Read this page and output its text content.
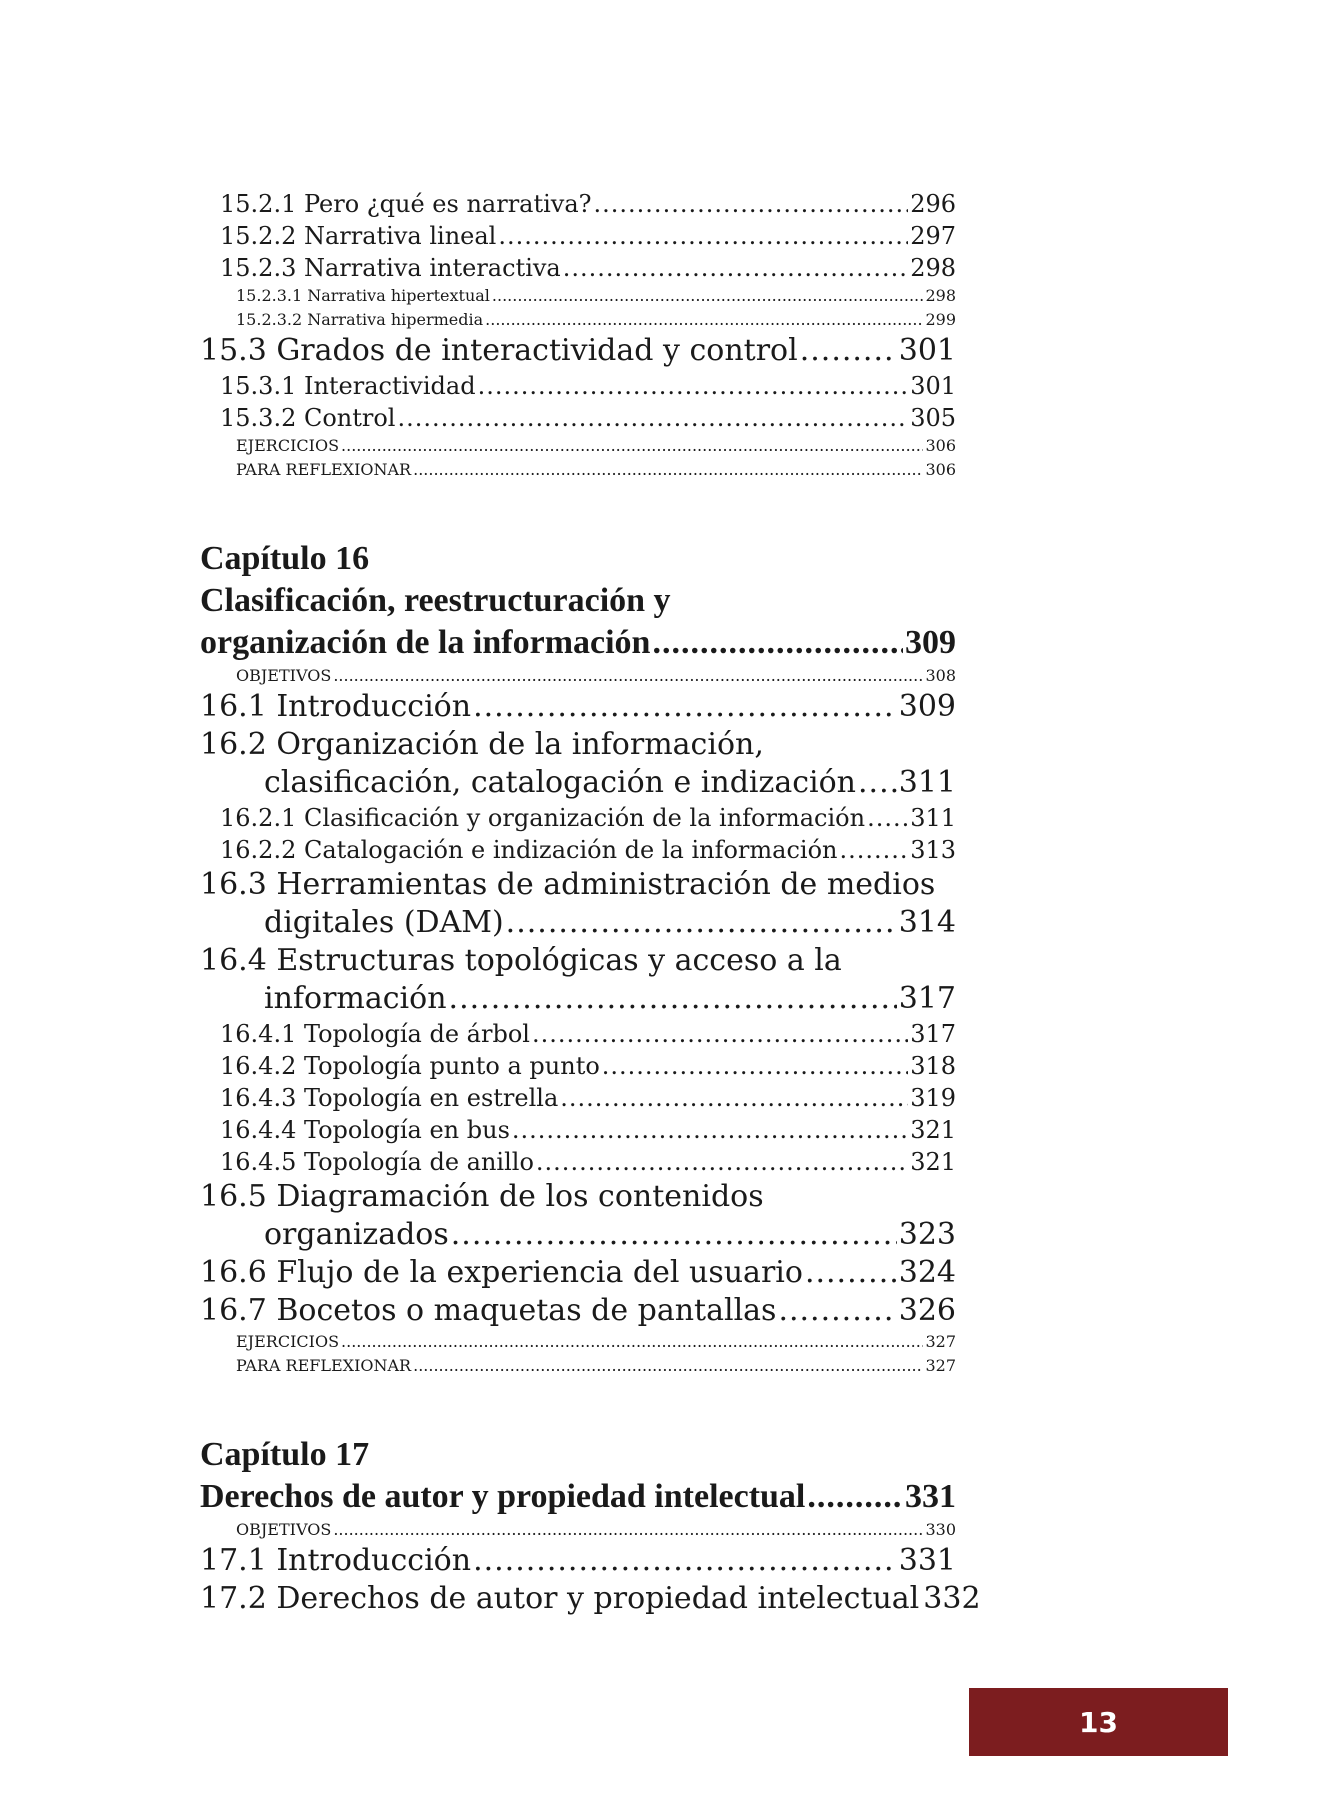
15.2.1 Pero ¿qué es narrativa? .....	296
15.2.2 Narrativa lineal .....	297
15.2.3 Narrativa interactiva .....	298
15.2.3.1 Narrativa hipertextual .....	298
15.2.3.2 Narrativa hipermedia .....	299
15.3 Grados de interactividad y control .....	301
15.3.1 Interactividad .....	301
15.3.2 Control .....	305
EJERCICIOS .....	306
PARA REFLEXIONAR .....	306
Capítulo 16
Clasificación, reestructuración y
organización de la información .....	309
OBJETIVOS .....	308
16.1 Introducción .....	309
16.2 Organización de la información,
clasificación, catalogación e indización ..... 311
16.2.1 Clasificación y organización de la información ..... 311
16.2.2 Catalogación e indización de la información .....	313
16.3 Herramientas de administración de medios
digitales (DAM) .....	314
16.4 Estructuras topológicas y acceso a la
información .....	317
16.4.1 Topología de árbol .....	317
16.4.2 Topología punto a punto .....	318
16.4.3 Topología en estrella .....	319
16.4.4 Topología en bus .....	321
16.4.5 Topología de anillo .....	321
16.5 Diagramación de los contenidos
organizados .....	323
16.6 Flujo de la experiencia del usuario .....	324
16.7 Bocetos o maquetas de pantallas .....	326
EJERCICIOS .....	327
PARA REFLEXIONAR .....	327
Capítulo 17
Derechos de autor y propiedad intelectual .....	331
OBJETIVOS .....	330
17.1 Introducción .....	331
17.2 Derechos de autor y propiedad intelectual 332
13
